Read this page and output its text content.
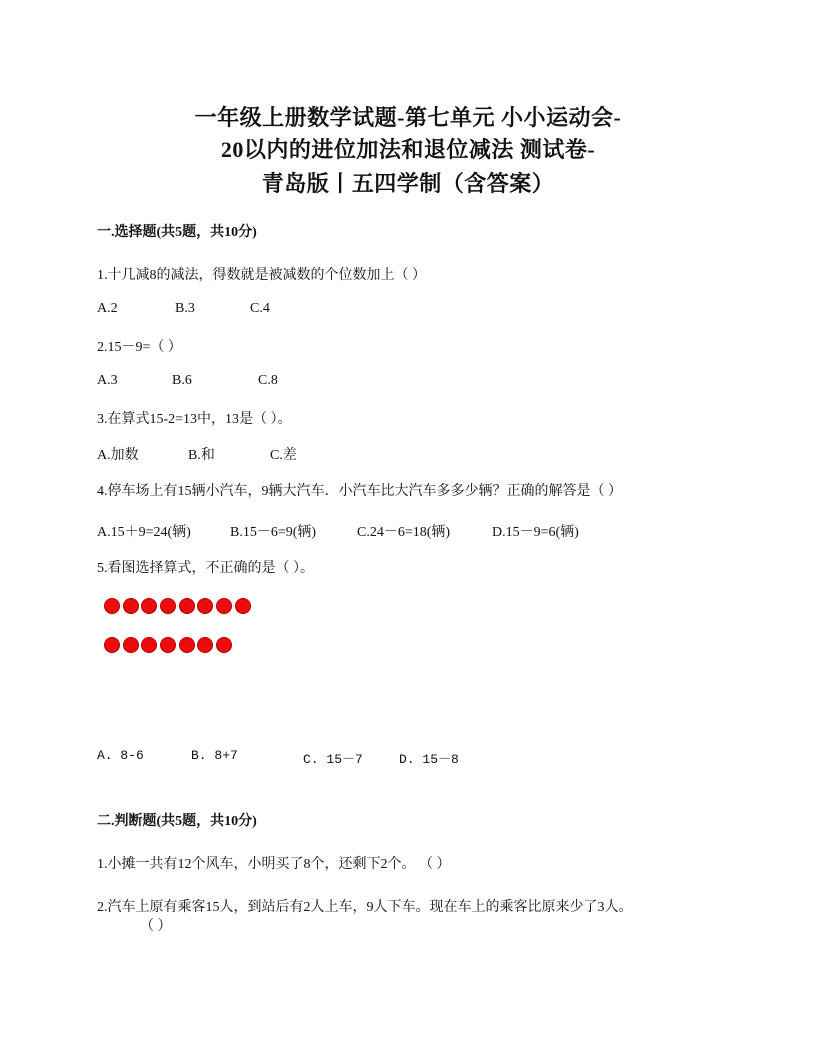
一年级上册数学试题-第七单元 小小运动会-
20以内的进位加法和退位减法 测试卷-
青岛版丨五四学制（含答案）
一.选择题(共5题，共10分)
1.十几减8的减法，得数就是被减数的个位数加上（ ）
A.2	B.3	C.4
2.15－9=（ ）
A.3	B.6	C.8
3.在算式15-2=13中，13是（ ）。
A.加数	B.和	C.差
4.停车场上有15辆小汽车，9辆大汽车．小汽车比大汽车多多少辆？正确的解答是（ ）
A.15＋9=24(辆)	B.15－6=9(辆)	C.24－6=18(辆)	D.15－9=6(辆)
5.看图选择算式，不正确的是（ ）。
A. 8-6	B. 8+7	C. 15－7	D. 15－8
二.判断题(共5题，共10分)
1.小摊一共有12个风车，小明买了8个，还剩下2个。 （ ）
2.汽车上原有乘客15人，到站后有2人上车，9人下车。现在车上的乘客比原来少了3人。
（ ）
